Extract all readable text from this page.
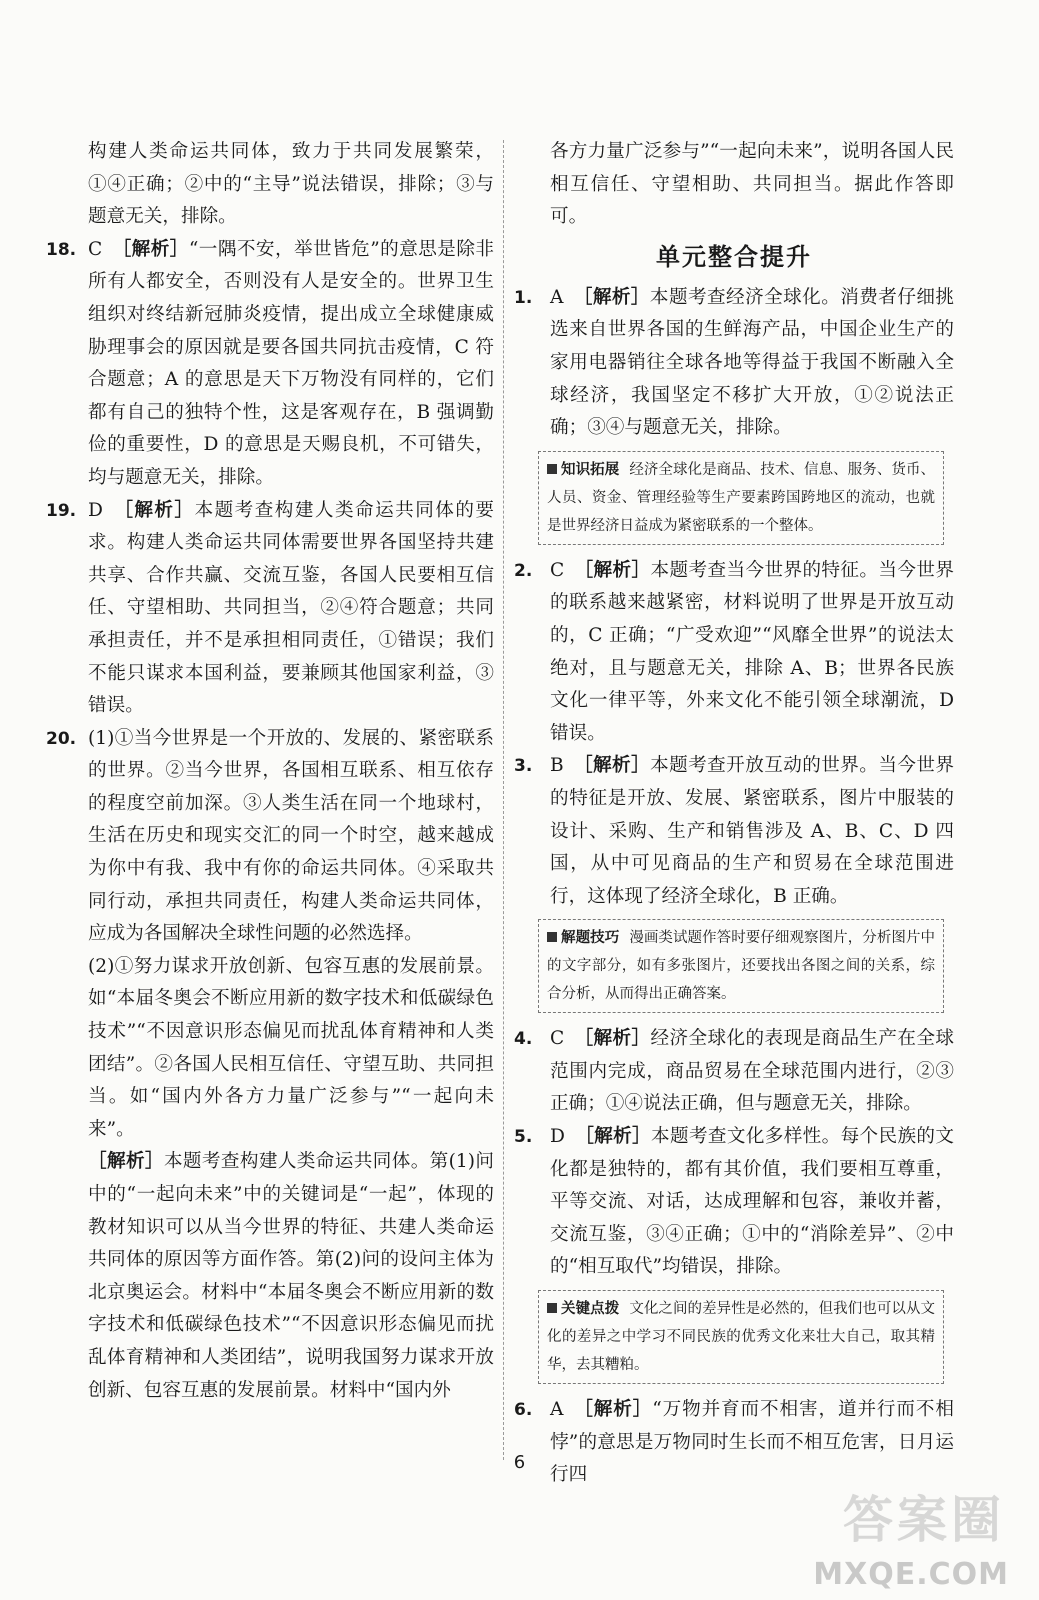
构建人类命运共同体，致力于共同发展繁荣，①④正确；②中的“主导”说法错误，排除；③与题意无关，排除。

18. C ［解析］“一隅不安，举世皆危”的意思是除非所有人都安全，否则没有人是安全的。世界卫生组织对终结新冠肺炎疫情，提出成立全球健康威胁理事会的原因就是要各国共同抗击疫情，C 符合题意；A 的意思是天下万物没有同样的，它们都有自己的独特个性，这是客观存在，B 强调勤俭的重要性，D 的意思是天赐良机，不可错失，均与题意无关，排除。
19. D ［解析］本题考查构建人类命运共同体的要求。构建人类命运共同体需要世界各国坚持共建共享、合作共赢、交流互鉴，各国人民要相互信任、守望相助、共同担当，②④符合题意；共同承担责任，并不是承担相同责任，①错误；我们不能只谋求本国利益，要兼顾其他国家利益，③错误。
20. (1)①当今世界是一个开放的、发展的、紧密联系的世界。②当今世界，各国相互联系、相互依存的程度空前加深。③人类生活在同一个地球村，生活在历史和现实交汇的同一个时空，越来越成为你中有我、我中有你的命运共同体。④采取共同行动，承担共同责任，构建人类命运共同体，应成为各国解决全球性问题的必然选择。

(2)①努力谋求开放创新、包容互惠的发展前景。如“本届冬奥会不断应用新的数字技术和低碳绿色技术”“不因意识形态偏见而扰乱体育精神和人类团结”。②各国人民相互信任、守望互助、共同担当。如“国内外各方力量广泛参与”“一起向未来”。

［解析］本题考查构建人类命运共同体。第(1)问中的“一起向未来”中的关键词是“一起”，体现的教材知识可以从当今世界的特征、共建人类命运共同体的原因等方面作答。第(2)问的设问主体为北京奥运会。材料中“本届冬奥会不断应用新的数字技术和低碳绿色技术”“不因意识形态偏见而扰乱体育精神和人类团结”，说明我国努力谋求开放创新、包容互惠的发展前景。材料中“国内外

各方力量广泛参与”“一起向未来”，说明各国人民相互信任、守望相助、共同担当。据此作答即可。

单元整合提升
1. A ［解析］本题考查经济全球化。消费者仔细挑选来自世界各国的生鲜海产品，中国企业生产的家用电器销往全球各地等得益于我国不断融入全球经济，我国坚定不移扩大开放，①②说法正确；③④与题意无关，排除。
知识拓展 经济全球化是商品、技术、信息、服务、货币、人员、资金、管理经验等生产要素跨国跨地区的流动，也就是世界经济日益成为紧密联系的一个整体。
2. C ［解析］本题考查当今世界的特征。当今世界的联系越来越紧密，材料说明了世界是开放互动的，C 正确；“广受欢迎”“风靡全世界”的说法太绝对，且与题意无关，排除 A、B；世界各民族文化一律平等，外来文化不能引领全球潮流，D 错误。
3. B ［解析］本题考查开放互动的世界。当今世界的特征是开放、发展、紧密联系，图片中服装的设计、采购、生产和销售涉及 A、B、C、D 四国，从中可见商品的生产和贸易在全球范围进行，这体现了经济全球化，B 正确。
解题技巧 漫画类试题作答时要仔细观察图片，分析图片中的文字部分，如有多张图片，还要找出各图之间的关系，综合分析，从而得出正确答案。
4. C ［解析］经济全球化的表现是商品生产在全球范围内完成，商品贸易在全球范围内进行，②③正确；①④说法正确，但与题意无关，排除。
5. D ［解析］本题考查文化多样性。每个民族的文化都是独特的，都有其价值，我们要相互尊重，平等交流、对话，达成理解和包容，兼收并蓄，交流互鉴，③④正确；①中的“消除差异”、②中的“相互取代”均错误，排除。
关键点拨 文化之间的差异性是必然的，但我们也可以从文化的差异之中学习不同民族的优秀文化来壮大自己，取其精华，去其糟粕。
6. A ［解析］“万物并育而不相害，道并行而不相悖”的意思是万物同时生长而不相互危害，日月运行四
6
答案圈
MXQE.COM
